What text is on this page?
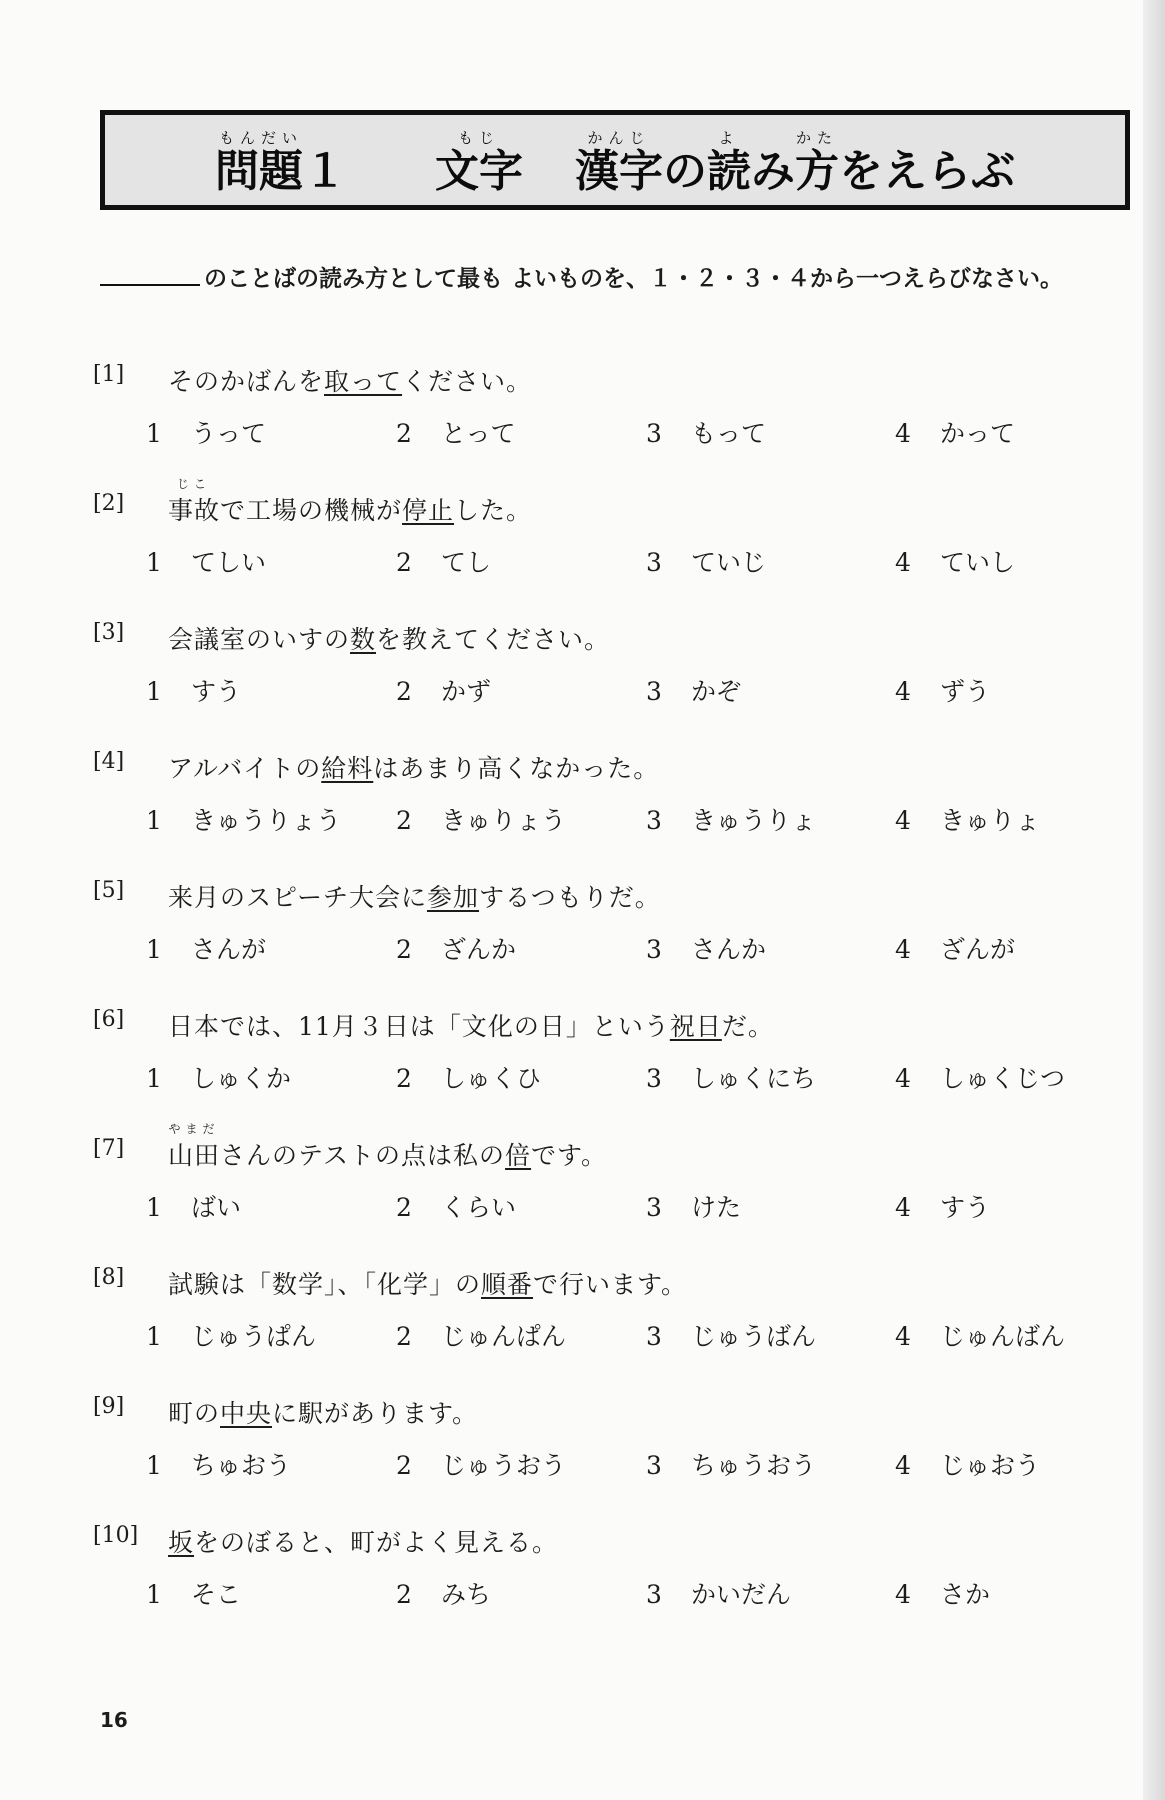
もんだい
問題１
もじ
文字
かんじ
漢字 の
よ
読 み
かた
方 をえらぶ
のことばの読み方として最も よいものを、１・２・３・４から一つえらびなさい。
[1] そのかばんを取ってください。
1 うって	2 とって	3 もって	4 かって
[2]
じこ
事故で工場の機械が停止した。
1 てしい	2 てし	3 ていじ	4 ていし
[3] 会議室のいすの数を教えてください。
1 すう	2 かず	3 かぞ	4 ずう
[4] アルバイトの給料はあまり高くなかった。
1 きゅうりょう 2 きゅりょう	3 きゅうりょ	4 きゅりょ
[5] 来月のスピーチ大会に参加するつもりだ。
1 さんが	2 ざんか	3 さんか	4 ざんが
[6] 日本では、11月３日は「文化の日」という祝日だ。
1 しゅくか	2 しゅくひ	3 しゅくにち	4 しゅくじつ
[7]
やまだ
山田さんのテストの点は私の倍です。
1 ばい	2 くらい	3 けた	4 すう
[8] 試験は「数学」、「化学」の順番で行います。
1 じゅうぱん	2 じゅんぱん	3 じゅうばん	4 じゅんばん
[9] 町の中央に駅があります。
1 ちゅおう	2 じゅうおう	3 ちゅうおう	4 じゅおう
[10] 坂をのぼると、町がよく見える。
1 そこ	2 みち	3 かいだん	4 さか
16
